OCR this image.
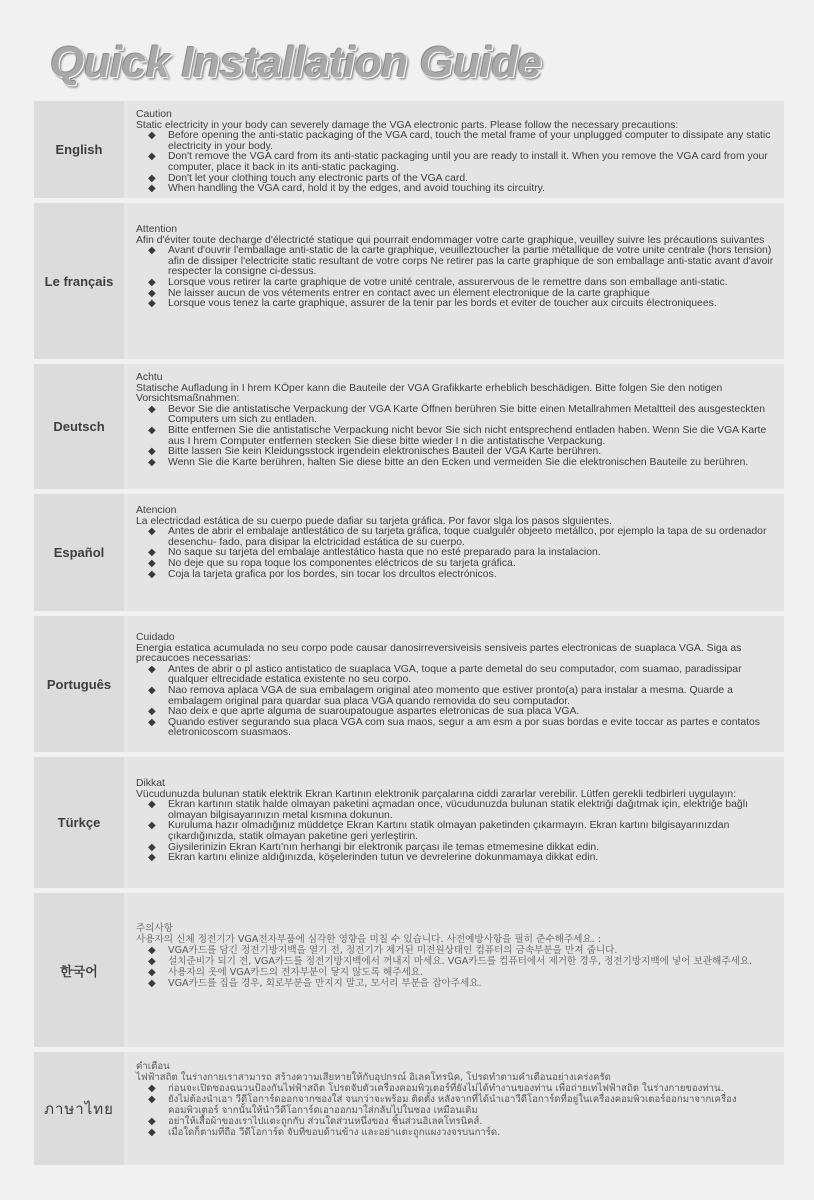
Quick Installation Guide
English
Caution
Static electricity in your body can severely damage the VGA electronic parts. Please follow the necessary precautions:
◆ Before opening the anti-static packaging of the VGA card, touch the metal frame of your unplugged computer to dissipate any static electricity in your body.
◆ Don't remove the VGA card from its anti-static packaging until you are ready to install it. When you remove the VGA card from your computer, place it back in its anti-static packaging.
◆ Don't let your clothing touch any electronic parts of the VGA card.
◆ When handling the VGA card, hold it by the edges, and avoid touching its circuitry.
Le français
Attention
Afin d'éviter toute decharge d'électricté statique qui pourrait endommager votre carte graphique, veuilley suivre les précautions suivantes
◆ Avant d'ouvrir l'emballage anti-static de la carte graphique, veuilleztoucher la partie métallique de votre unite centrale (hors tension) afin de dissiper l'electricite static resultant de votre corps Ne retirer pas la carte graphique de son emballage anti-static avant d'avoir respecter la consigne ci-dessus.
◆ Lorsque vous retirer la carte graphique de votre unité centrale, assurervous de le remettre dans son emballage anti-static.
◆ Ne laisser aucun de vos vétements entrer en contact avec un élement electronique de la carte graphique
◆ Lorsque vous tenez la carte graphique, assurer de la tenir par les bords et eviter de toucher aux circuits électroniquees.
Deutsch
Achtu
Statische Aufladung in I hrem KÖper kann die Bauteile der VGA Grafikkarte erheblich beschädigen. Bitte folgen Sie den notigen Vorsichtsmaßnahmen:
◆ Bevor Sie die antistatische Verpackung der VGA Karte Öffnen berühren Sie bitte einen Metallrahmen Metaltteil des ausgesteckten Computers um sich zu entladen.
◆ Bitte entfernen Sie die antistatische Verpackung nicht bevor Sie sich nicht entsprechend entladen haben. Wenn Sie die VGA Karte aus I hrem Computer entfernen stecken Sie diese bitte wieder I n die antistatische Verpackung.
◆ Bitte lassen Sie kein Kleidungsstock irgendein elektronisches Bauteil der VGA Karte berühren.
◆ Wenn Sie die Karte berühren, halten Sie diese bitte an den Ecken und vermeiden Sie die elektronischen Bauteile zu berühren.
Español
Atencion
La electricdad estática de su cuerpo puede dafiar su tarjeta gráfica. Por favor slga los pasos slguientes.
◆ Antes de abrir el embalaje antlestático de su tarjeta gráfica, toque cualgulér objeeto metállco, por ejemplo la tapa de su ordenador desenchu- fado, para disipar la elctricidad estática de su cuerpo.
◆ No saque su tarjeta del embalaje antlestático hasta que no esté preparado para la instalacion.
◆ No deje que su ropa toque los componentes eléctricos de su tarjeta gráfica.
◆ Coja la tarjeta grafica por los bordes, sin tocar los drcultos electrónicos.
Português
Cuidado
Energia estatica acumulada no seu corpo pode causar danosirreversiveisis sensiveis partes electronicas de suaplaca VGA. Siga as precaucoes necessarias:
◆ Antes de abrir o pl astico antistatico de suaplaca VGA, toque a parte demetal do seu computador, com suamao, paradissipar qualquer eltrecidade estatica existente no seu corpo.
◆ Nao remova aplaca VGA de sua embalagem original ateo momento que estiver pronto(a) para instalar a mesma. Quarde a embalagem original para quardar sua placa VGA quando removida do seu computador.
◆ Nao deix e que aprte alguma de suaroupatougue aspartes eletronicas de sua placa VGA.
◆ Quando estiver segurando sua placa VGA com sua maos, segur a am esm a por suas bordas e evite toccar as partes e contatos eletronicoscom suasmaos.
Türkçe
Dikkat
Vücudunuzda bulunan statik elektrik Ekran Kartının elektronik parçalarına ciddi zararlar verebilir. Lütfen gerekli tedbirleri uygulayın:
◆ Ekran kartının statik halde olmayan paketini açmadan once, vücudunuzda bulunan statik elektriği dağıtmak için, elektriğe bağlı olmayan bilgisayarınızın metal kısmına dokunun.
◆ Kuruluma hazır olmadığınız müddetçe Ekran Kartını statik olmayan paketinden çıkarmayın. Ekran kartını bilgisayarınızdan çıkardığınızda, statik olmayan paketine geri yerleştirin.
◆ Giysilerinizin Ekran Kartı'nın herhangi bir elektronik parçası ile temas etmemesine dikkat edin.
◆ Ekran kartını elinize aldığınızda, köşelerinden tutun ve devrelerine dokunmamaya dikkat edin.
한국어
주의사항
사용자의 신체 정전기가 VGA전자부품에 심각한 영향을 미칠 수 있습니다. 사전예방사항을 필히 준수해주세요. :
◆ VGA카드를 담긴 정전기방지백을 열기 전, 정전기가 제거된 미전원상태인 컴퓨터의 금속부분을 만져 줍니다.
◆ 설치준비가 되기 전, VGA카드를 정전기방지백에서 꺼내지 마세요. VGA카드를 컴퓨터에서 제거한 경우, 정전기방지백에 넣어 보관해주세요.
◆ 사용자의 옷에 VGA카드의 전자부분이 닿지 않도록 해주세요.
◆ VGA카드를 집을 경우, 회로부분을 만지지 말고, 모서리 부분을 잡아주세요.
ภาษาไทย
คำเตือน
ไฟฟ้าสถิต ในร่างกายเราสามารถ สร้างความเสียหายให้กับอุปกรณ์ อิเลคโทรนิค, โปรดทำตามคำเตือนอย่างเคร่งครัด
◆ ก่อนจะเปิดซองฉนวนป้องกันไฟฟ้าสถิต โปรดจับตัวเครื่องคอมพิวเตอร์ที่ยังไม่ได้ทำงานของท่าน เพื่อถ่ายเทไฟฟ้าสถิต ในร่างกายของท่าน.
◆ ยังไม่ต้องนำเอา วีดีโอการ์ดออกจากซองใส่ จนกว่าจะพร้อม ติดตั้ง หลังจากที่ได้นำเอาวีดีโอการ์ดที่อยู่ในเครื่องคอมพิวเตอร์ออกมาจากเครื่องคอมพิวเตอร์ จากนั้นให้นำวีดีโอการ์ดเอาออกมาใส่กลับไปในซอง เหมือนเดิม
◆ อย่าให้เสื้อผ้าของเราไปแตะถูกกับ ส่วนใดส่วนหนึ่งของ ชิ้นส่วนอิเลคโทรนิคส์.
◆ เมื่อใดก็ตามที่ถือ วีดีโอการ์ด จับที่ขอบด้านข้าง และอย่าแตะถูกแผงวงจรบนการ์ด.
